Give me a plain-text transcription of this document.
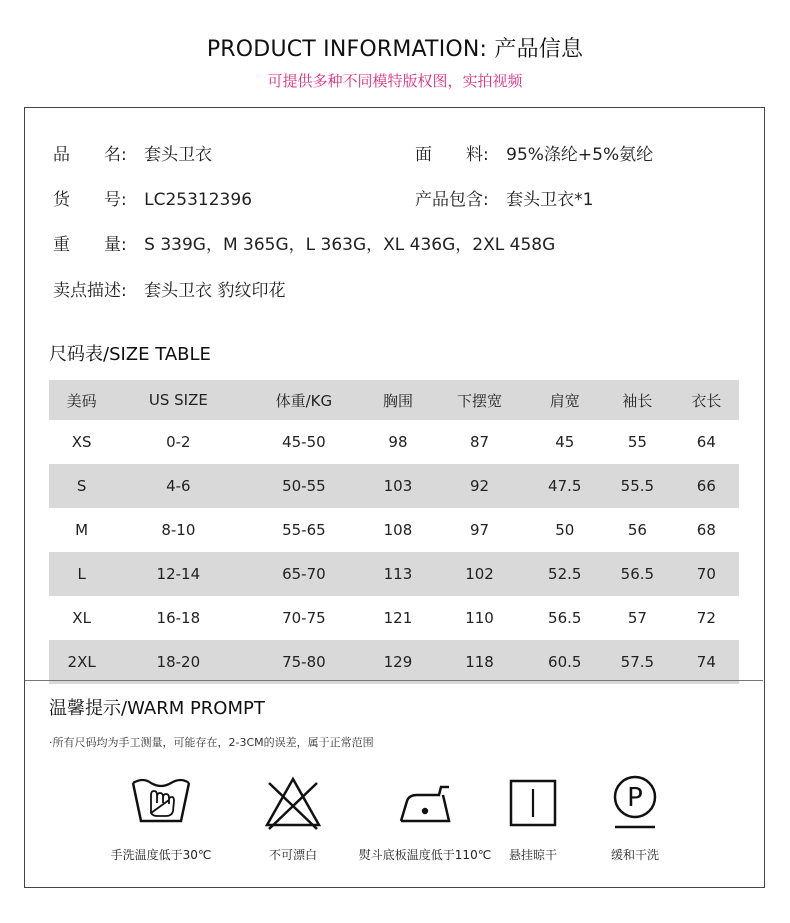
PRODUCT INFORMATION: 产品信息
可提供多种不同模特版权图，实拍视频
品　　名: 套头卫衣	面　　料: 95%涤纶+5%氨纶
货　　号: LC25312396	产品包含: 套头卫衣*1
重　　量: S 339G，M 365G，L 363G，XL 436G，2XL 458G
卖点描述: 套头卫衣 豹纹印花
尺码表/SIZE TABLE
美码	US SIZE	体重/KG	胸围	下摆宽	肩宽	袖长	衣长
XS	0-2	45-50	98	87	45	55	64
S	4-6	50-55	103	92	47.5	55.5	66
M	8-10	55-65	108	97	50	56	68
L	12-14	65-70	113	102	52.5	56.5	70
XL	16-18	70-75	121	110	56.5	57	72
2XL	18-20	75-80	129	118	60.5	57.5	74
温馨提示/WARM PROMPT
·所有尺码均为手工测量，可能存在，2-3CM的误差，属于正常范围
手洗温度低于30℃	不可漂白	熨斗底板温度低于110℃	悬挂晾干
P
缓和干洗
